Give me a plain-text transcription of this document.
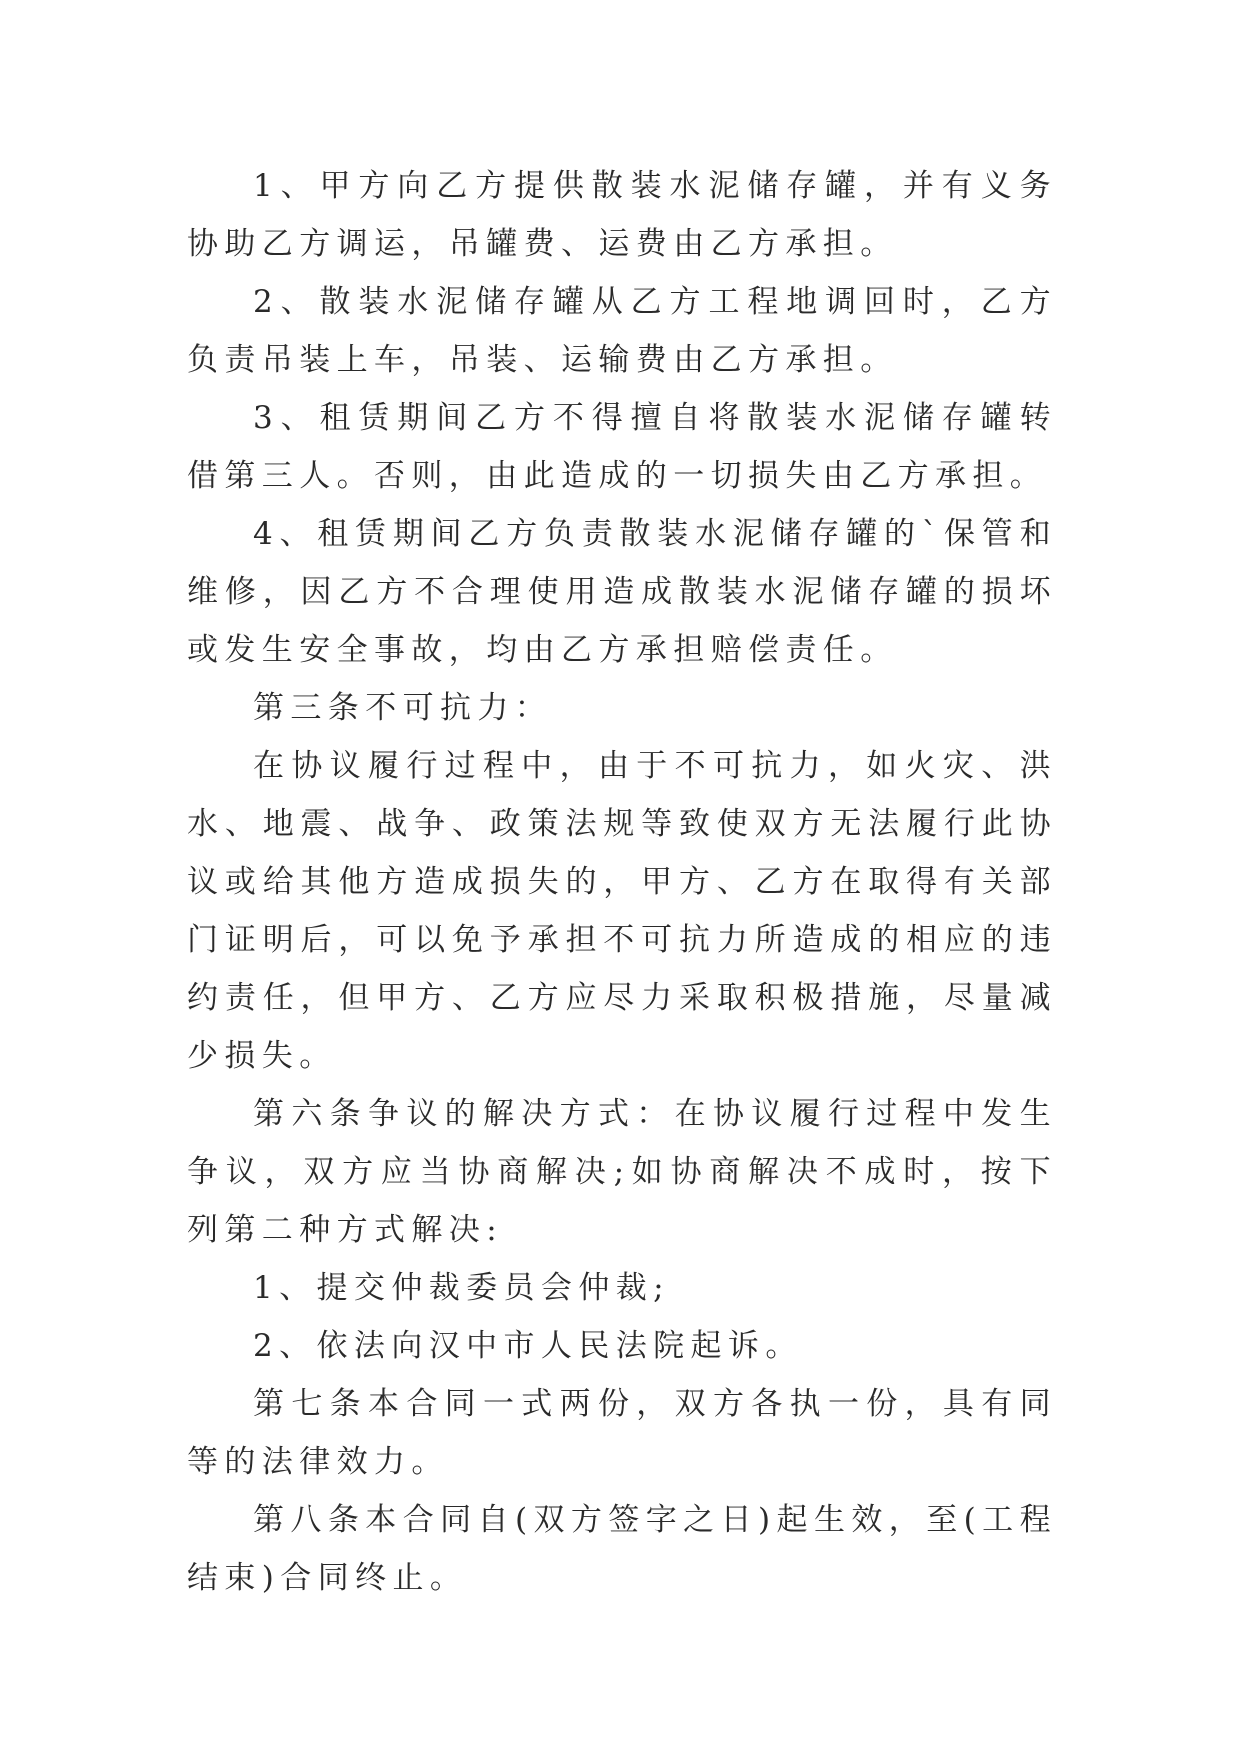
1、甲方向乙方提供散装水泥储存罐，并有义务协助乙方调运，吊罐费、运费由乙方承担。

2、散装水泥储存罐从乙方工程地调回时，乙方负责吊装上车，吊装、运输费由乙方承担。

3、租赁期间乙方不得擅自将散装水泥储存罐转借第三人。否则，由此造成的一切损失由乙方承担。

4、租赁期间乙方负责散装水泥储存罐的`保管和维修，因乙方不合理使用造成散装水泥储存罐的损坏或发生安全事故，均由乙方承担赔偿责任。

第三条不可抗力：

在协议履行过程中，由于不可抗力，如火灾、洪水、地震、战争、政策法规等致使双方无法履行此协议或给其他方造成损失的，甲方、乙方在取得有关部门证明后，可以免予承担不可抗力所造成的相应的违约责任，但甲方、乙方应尽力采取积极措施，尽量减少损失。

第六条争议的解决方式：在协议履行过程中发生争议，双方应当协商解决;如协商解决不成时，按下列第二种方式解决:

1、提交仲裁委员会仲裁;

2、依法向汉中市人民法院起诉。

第七条本合同一式两份，双方各执一份，具有同等的法律效力。

第八条本合同自(双方签字之日)起生效，至(工程结束)合同终止。
